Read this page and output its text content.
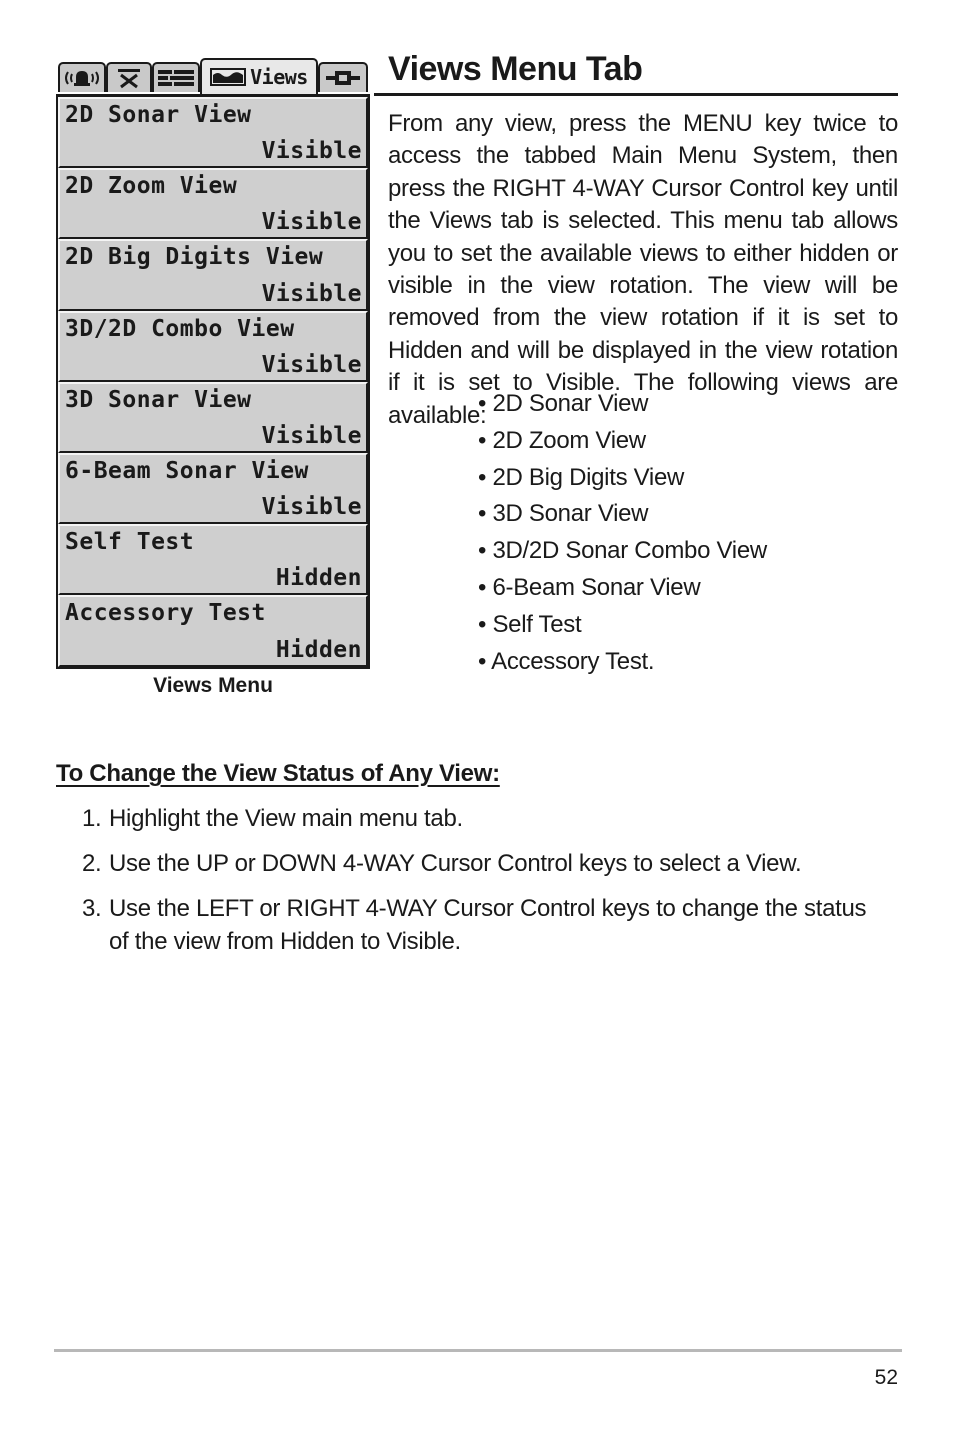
Views
2D Sonar View
Visible
2D Zoom View
Visible
2D Big Digits View
Visible
3D/2D Combo View
Visible
3D Sonar View
Visible
6-Beam Sonar View
Visible
Self Test
Hidden
Accessory Test
Hidden
Views Menu
Views Menu Tab

From any view, press the MENU key twice to access the tabbed Main Menu System, then press the RIGHT 4-WAY Cursor Control key until the Views tab is selected. This menu tab allows you to set the available views to either hidden or visible in the view rotation. The view will be removed from the view rotation if it is set to Hidden and will be displayed in the view rotation if it is set to Visible. The following views are available:

• 2D Sonar View
• 2D Zoom View
• 2D Big Digits View
• 3D Sonar View
• 3D/2D Sonar Combo View
• 6-Beam Sonar View
• Self Test
• Accessory Test.
To Change the View Status of Any View:
1. Highlight the View main menu tab.
2. Use the UP or DOWN 4-WAY Cursor Control keys to select a View.
3. Use the LEFT or RIGHT 4-WAY Cursor Control keys to change the status of the view from Hidden to Visible.
52
